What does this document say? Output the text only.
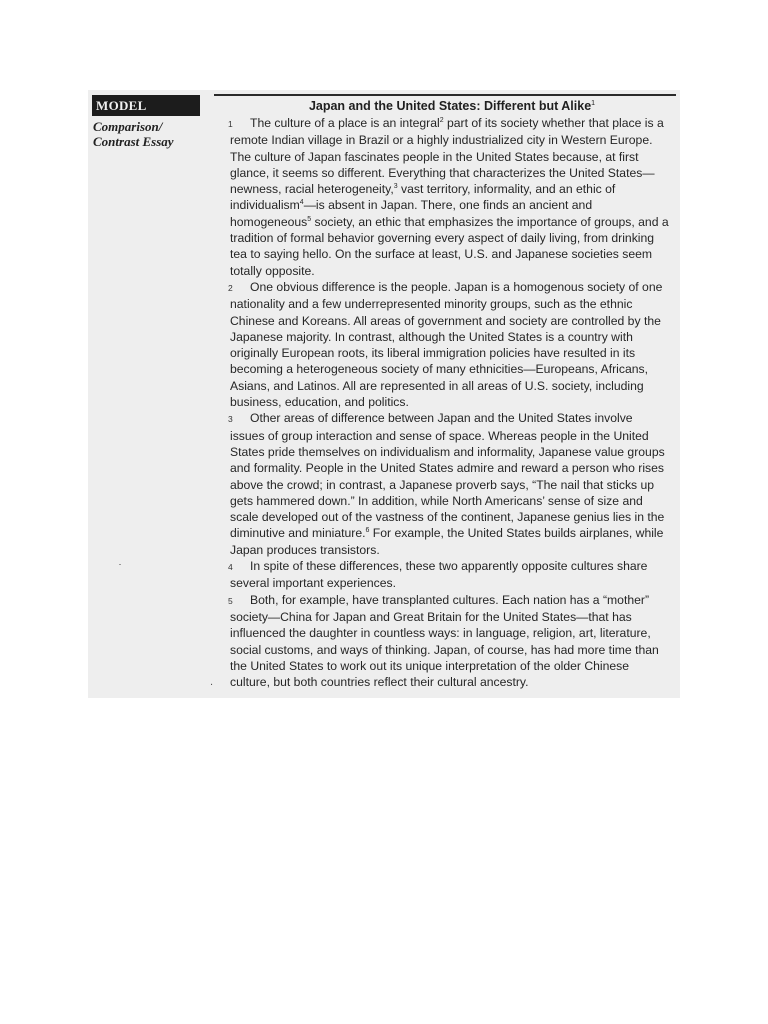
MODEL
Comparison/
Contrast Essay
Japan and the United States: Different but Alike$^1$

1 The culture of a place is an integral$^2$ part of its society whether that place is a remote Indian village in Brazil or a highly industrialized city in Western Europe. The culture of Japan fascinates people in the United States because, at first glance, it seems so different. Everything that characterizes the United States—newness, racial heterogeneity,$^3$ vast territory, informality, and an ethic of individualism$^4$—is absent in Japan. There, one finds an ancient and homogeneous$^5$ society, an ethic that emphasizes the importance of groups, and a tradition of formal behavior governing every aspect of daily living, from drinking tea to saying hello. On the surface at least, U.S. and Japanese societies seem totally opposite.

2 One obvious difference is the people. Japan is a homogenous society of one nationality and a few underrepresented minority groups, such as the ethnic Chinese and Koreans. All areas of government and society are controlled by the Japanese majority. In contrast, although the United States is a country with originally European roots, its liberal immigration policies have resulted in its becoming a heterogeneous society of many ethnicities—Europeans, Africans, Asians, and Latinos. All are represented in all areas of U.S. society, including business, education, and politics.

3 Other areas of difference between Japan and the United States involve issues of group interaction and sense of space. Whereas people in the United States pride themselves on individualism and informality, Japanese value groups and formality. People in the United States admire and reward a person who rises above the crowd; in contrast, a Japanese proverb says, “The nail that sticks up gets hammered down.” In addition, while North Americans’ sense of size and scale developed out of the vastness of the continent, Japanese genius lies in the diminutive and miniature.$^6$ For example, the United States builds airplanes, while Japan produces transistors.

4 In spite of these differences, these two apparently opposite cultures share several important experiences.

5 Both, for example, have transplanted cultures. Each nation has a “mother” society—China for Japan and Great Britain for the United States—that has influenced the daughter in countless ways: in language, religion, art, literature, social customs, and ways of thinking. Japan, of course, has had more time than the United States to work out its unique interpretation of the older Chinese culture, but both countries reflect their cultural ancestry.

.
